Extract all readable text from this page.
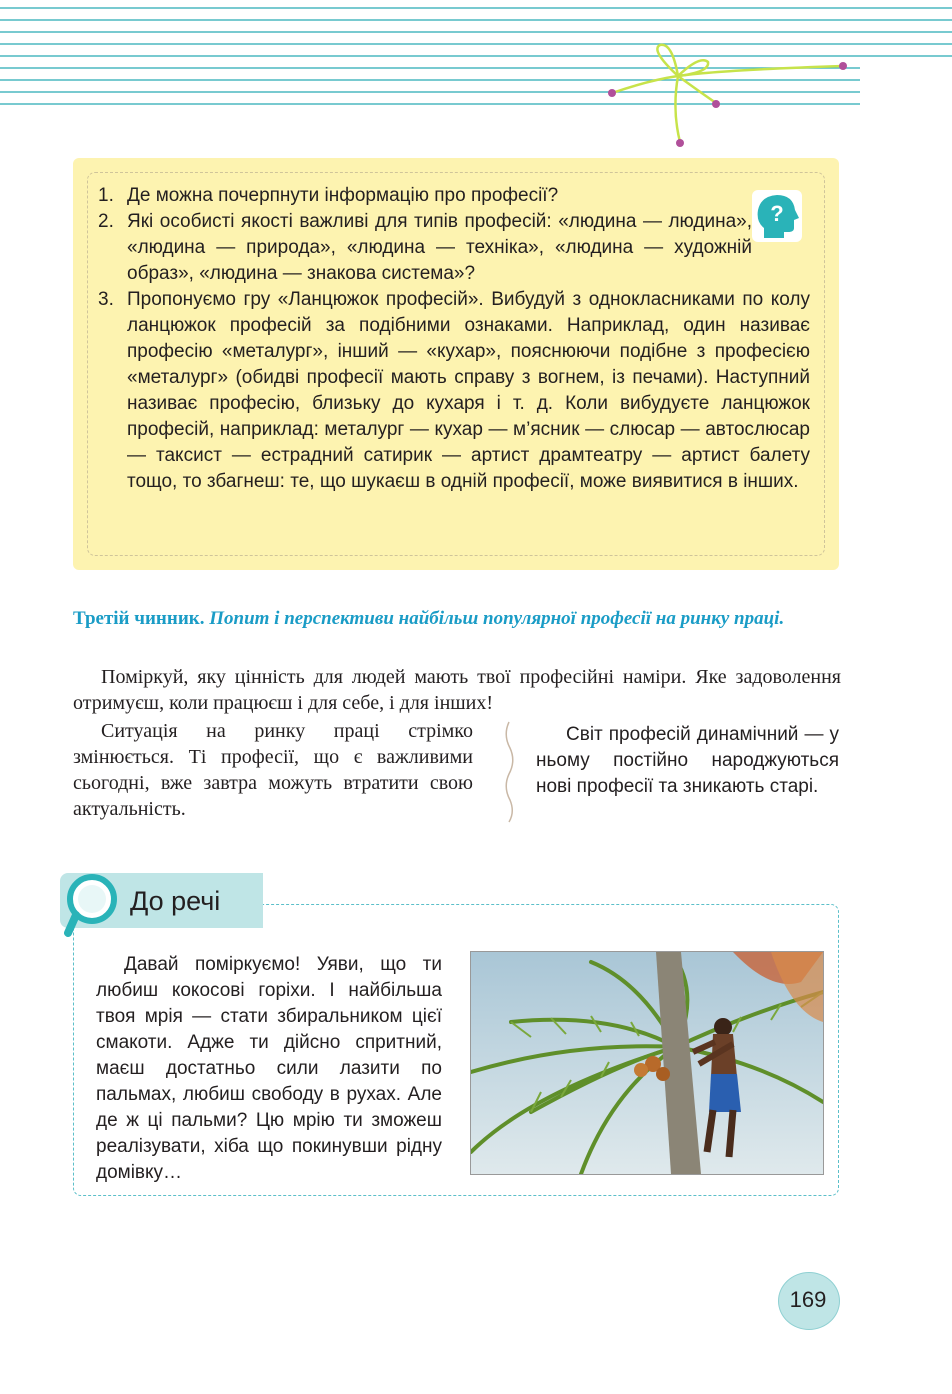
?
1. Де можна почерпнути інформацію про професії?
2. Які особисті якості важливі для типів професій: «людина — людина», «людина — природа», «людина — техніка», «людина — художній образ», «людина — знакова система»?
3. Пропонуємо гру «Ланцюжок професій». Вибудуй з однокласниками по колу ланцюжок професій за подібними ознаками. Наприклад, один називає професію «металург», інший — «кухар», пояснюючи подібне з професією «металург» (обидві професії мають справу з вогнем, із печами). Наступний називає професію, близьку до кухаря і т. д. Коли вибудуєте ланцюжок професій, наприклад: металург — кухар — м’ясник — слюсар — автослюсар — таксист — естрадний сатирик — артист драмтеатру — артист балету тощо, то збагнеш: те, що шукаєш в одній професії, може виявитися в інших.
Третій чинник. Попит і перспективи найбільш популярної професії на ринку праці.
Поміркуй, яку цінність для людей мають твої професійні наміри. Яке задоволення отримуєш, коли працюєш і для себе, і для інших!
Ситуація на ринку праці стрімко змінюється. Ті професії, що є важливими сьогодні, вже завтра можуть втратити свою актуальність.
Світ професій динамічний — у ньому постійно народжуються нові професії та зникають старі.
До речі
Давай поміркуємо! Уяви, що ти любиш кокосові горіхи. І найбільша твоя мрія — стати збиральником цієї смакоти. Адже ти дійсно спритний, маєш достатньо сили лазити по пальмах, любиш свободу в рухах. Але де ж ці пальми? Цю мрію ти зможеш реалізувати, хіба що покинувши рідну домівку…
169
